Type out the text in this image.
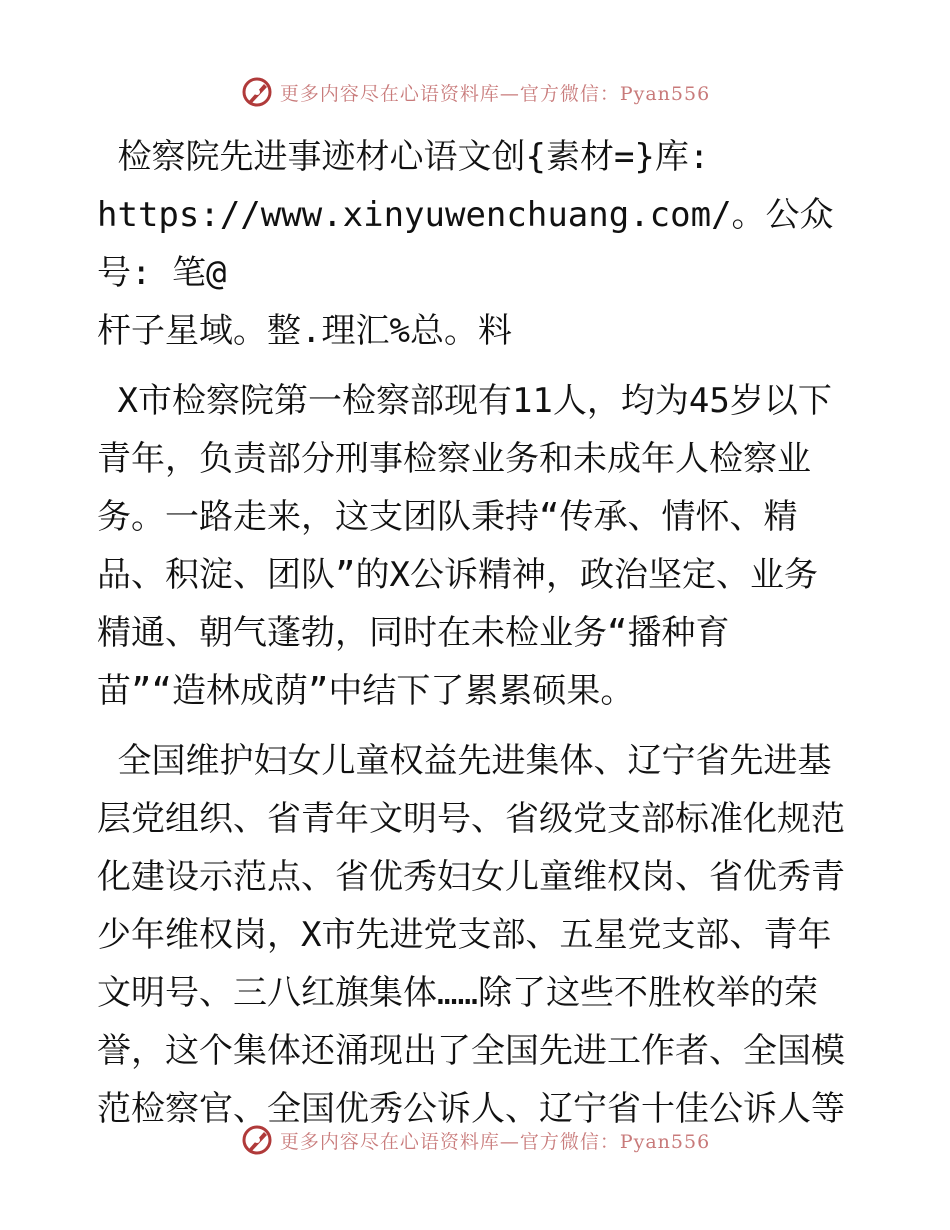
更多内容尽在心语资料库—官方微信：Pyan556

检察院先进事迹材心语文创{素材=}库:
https://www.xinyuwenchuang.com/。公众号: 笔@
杆子星域。整.理汇%总。料

X市检察院第一检察部现有11人，均为45岁以下
青年，负责部分刑事检察业务和未成年人检察业
务。一路走来，这支团队秉持“传承、情怀、精
品、积淀、团队”的X公诉精神，政治坚定、业务
精通、朝气蓬勃，同时在未检业务“播种育
苗”“造林成荫”中结下了累累硕果。

全国维护妇女儿童权益先进集体、辽宁省先进基
层党组织、省青年文明号、省级党支部标准化规范
化建设示范点、省优秀妇女儿童维权岗、省优秀青
少年维权岗，X市先进党支部、五星党支部、青年
文明号、三八红旗集体……除了这些不胜枚举的荣
誉，这个集体还涌现出了全国先进工作者、全国模
范检察官、全国优秀公诉人、辽宁省十佳公诉人等

更多内容尽在心语资料库—官方微信：Pyan556
